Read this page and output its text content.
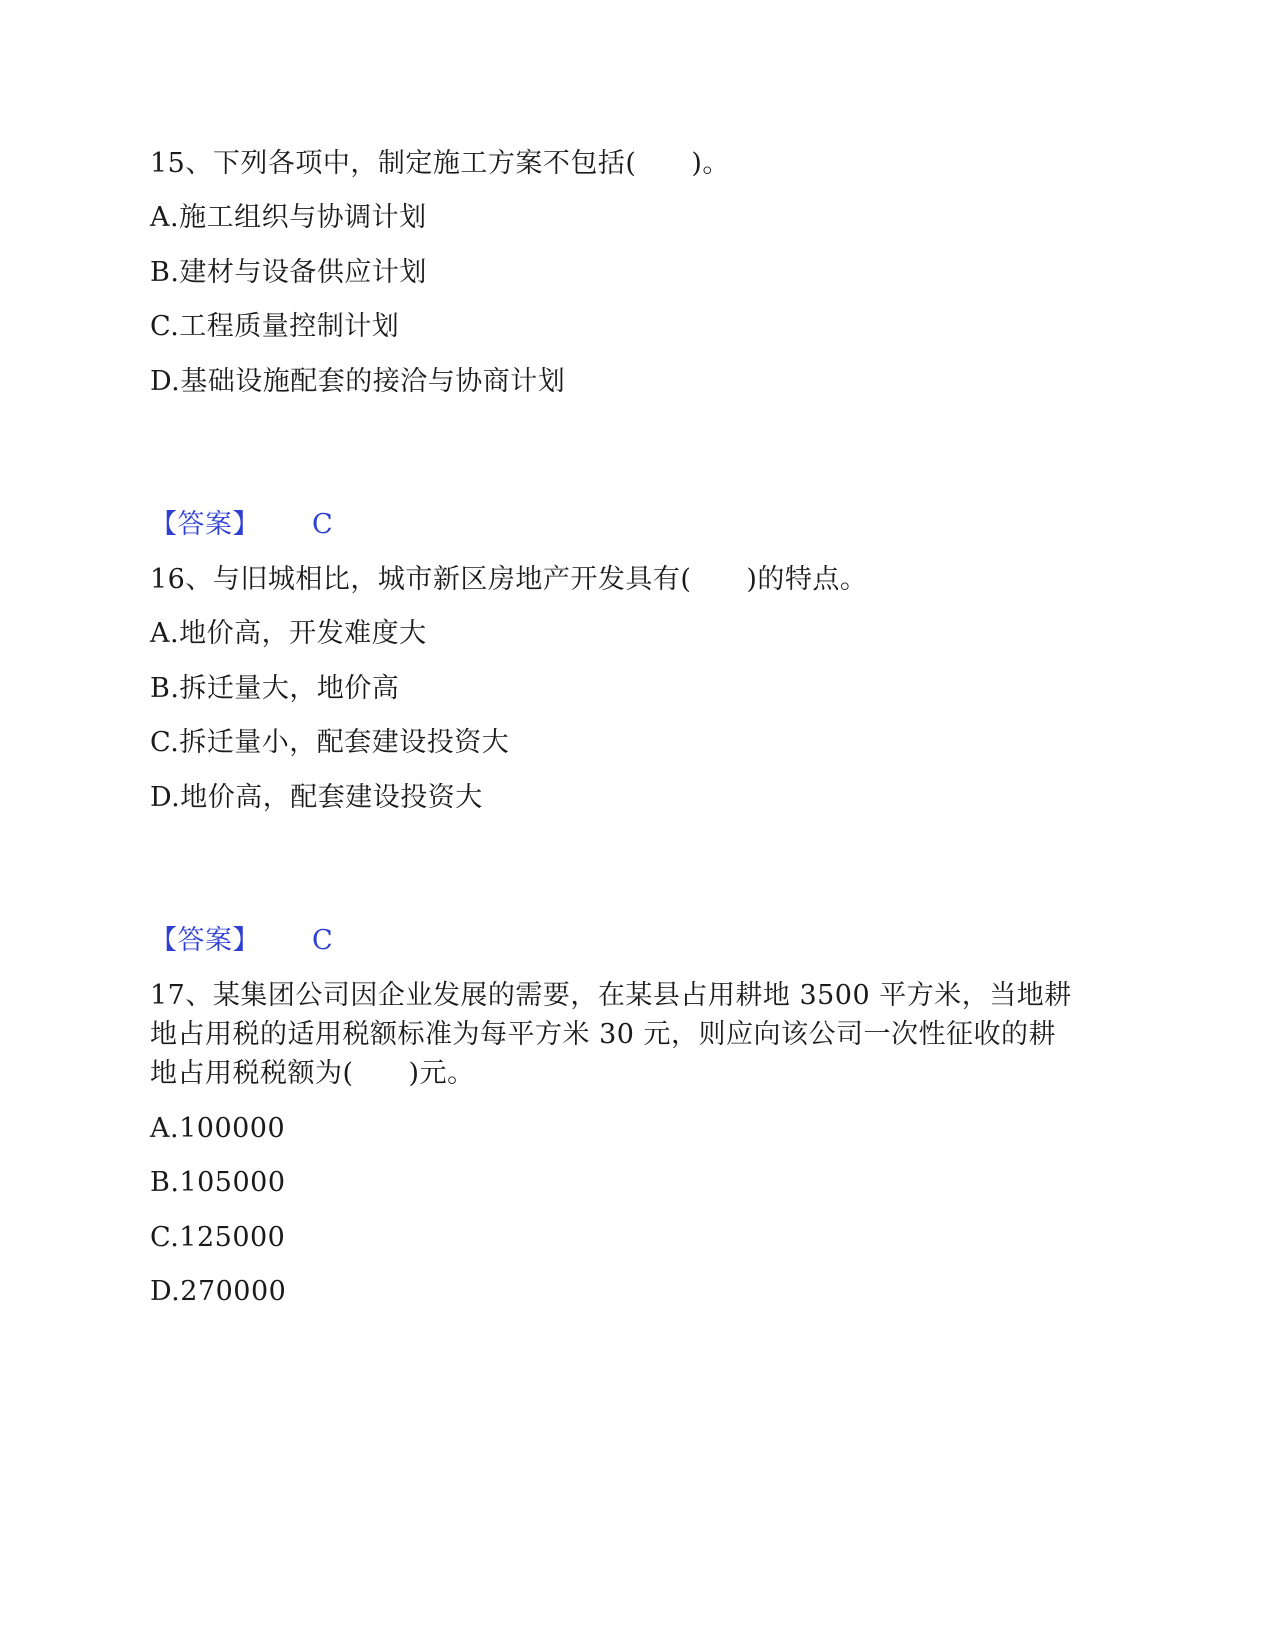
15、下列各项中，制定施工方案不包括(　　)。
A.施工组织与协调计划
B.建材与设备供应计划
C.工程质量控制计划
D.基础设施配套的接洽与协商计划
【答案】 C
16、与旧城相比，城市新区房地产开发具有(　　)的特点。
A.地价高，开发难度大
B.拆迁量大，地价高
C.拆迁量小，配套建设投资大
D.地价高，配套建设投资大
【答案】 C
17、某集团公司因企业发展的需要，在某县占用耕地 3500 平方米，当地耕
地占用税的适用税额标准为每平方米 30 元，则应向该公司一次性征收的耕
地占用税税额为(　　)元。
A.100000
B.105000
C.125000
D.270000
